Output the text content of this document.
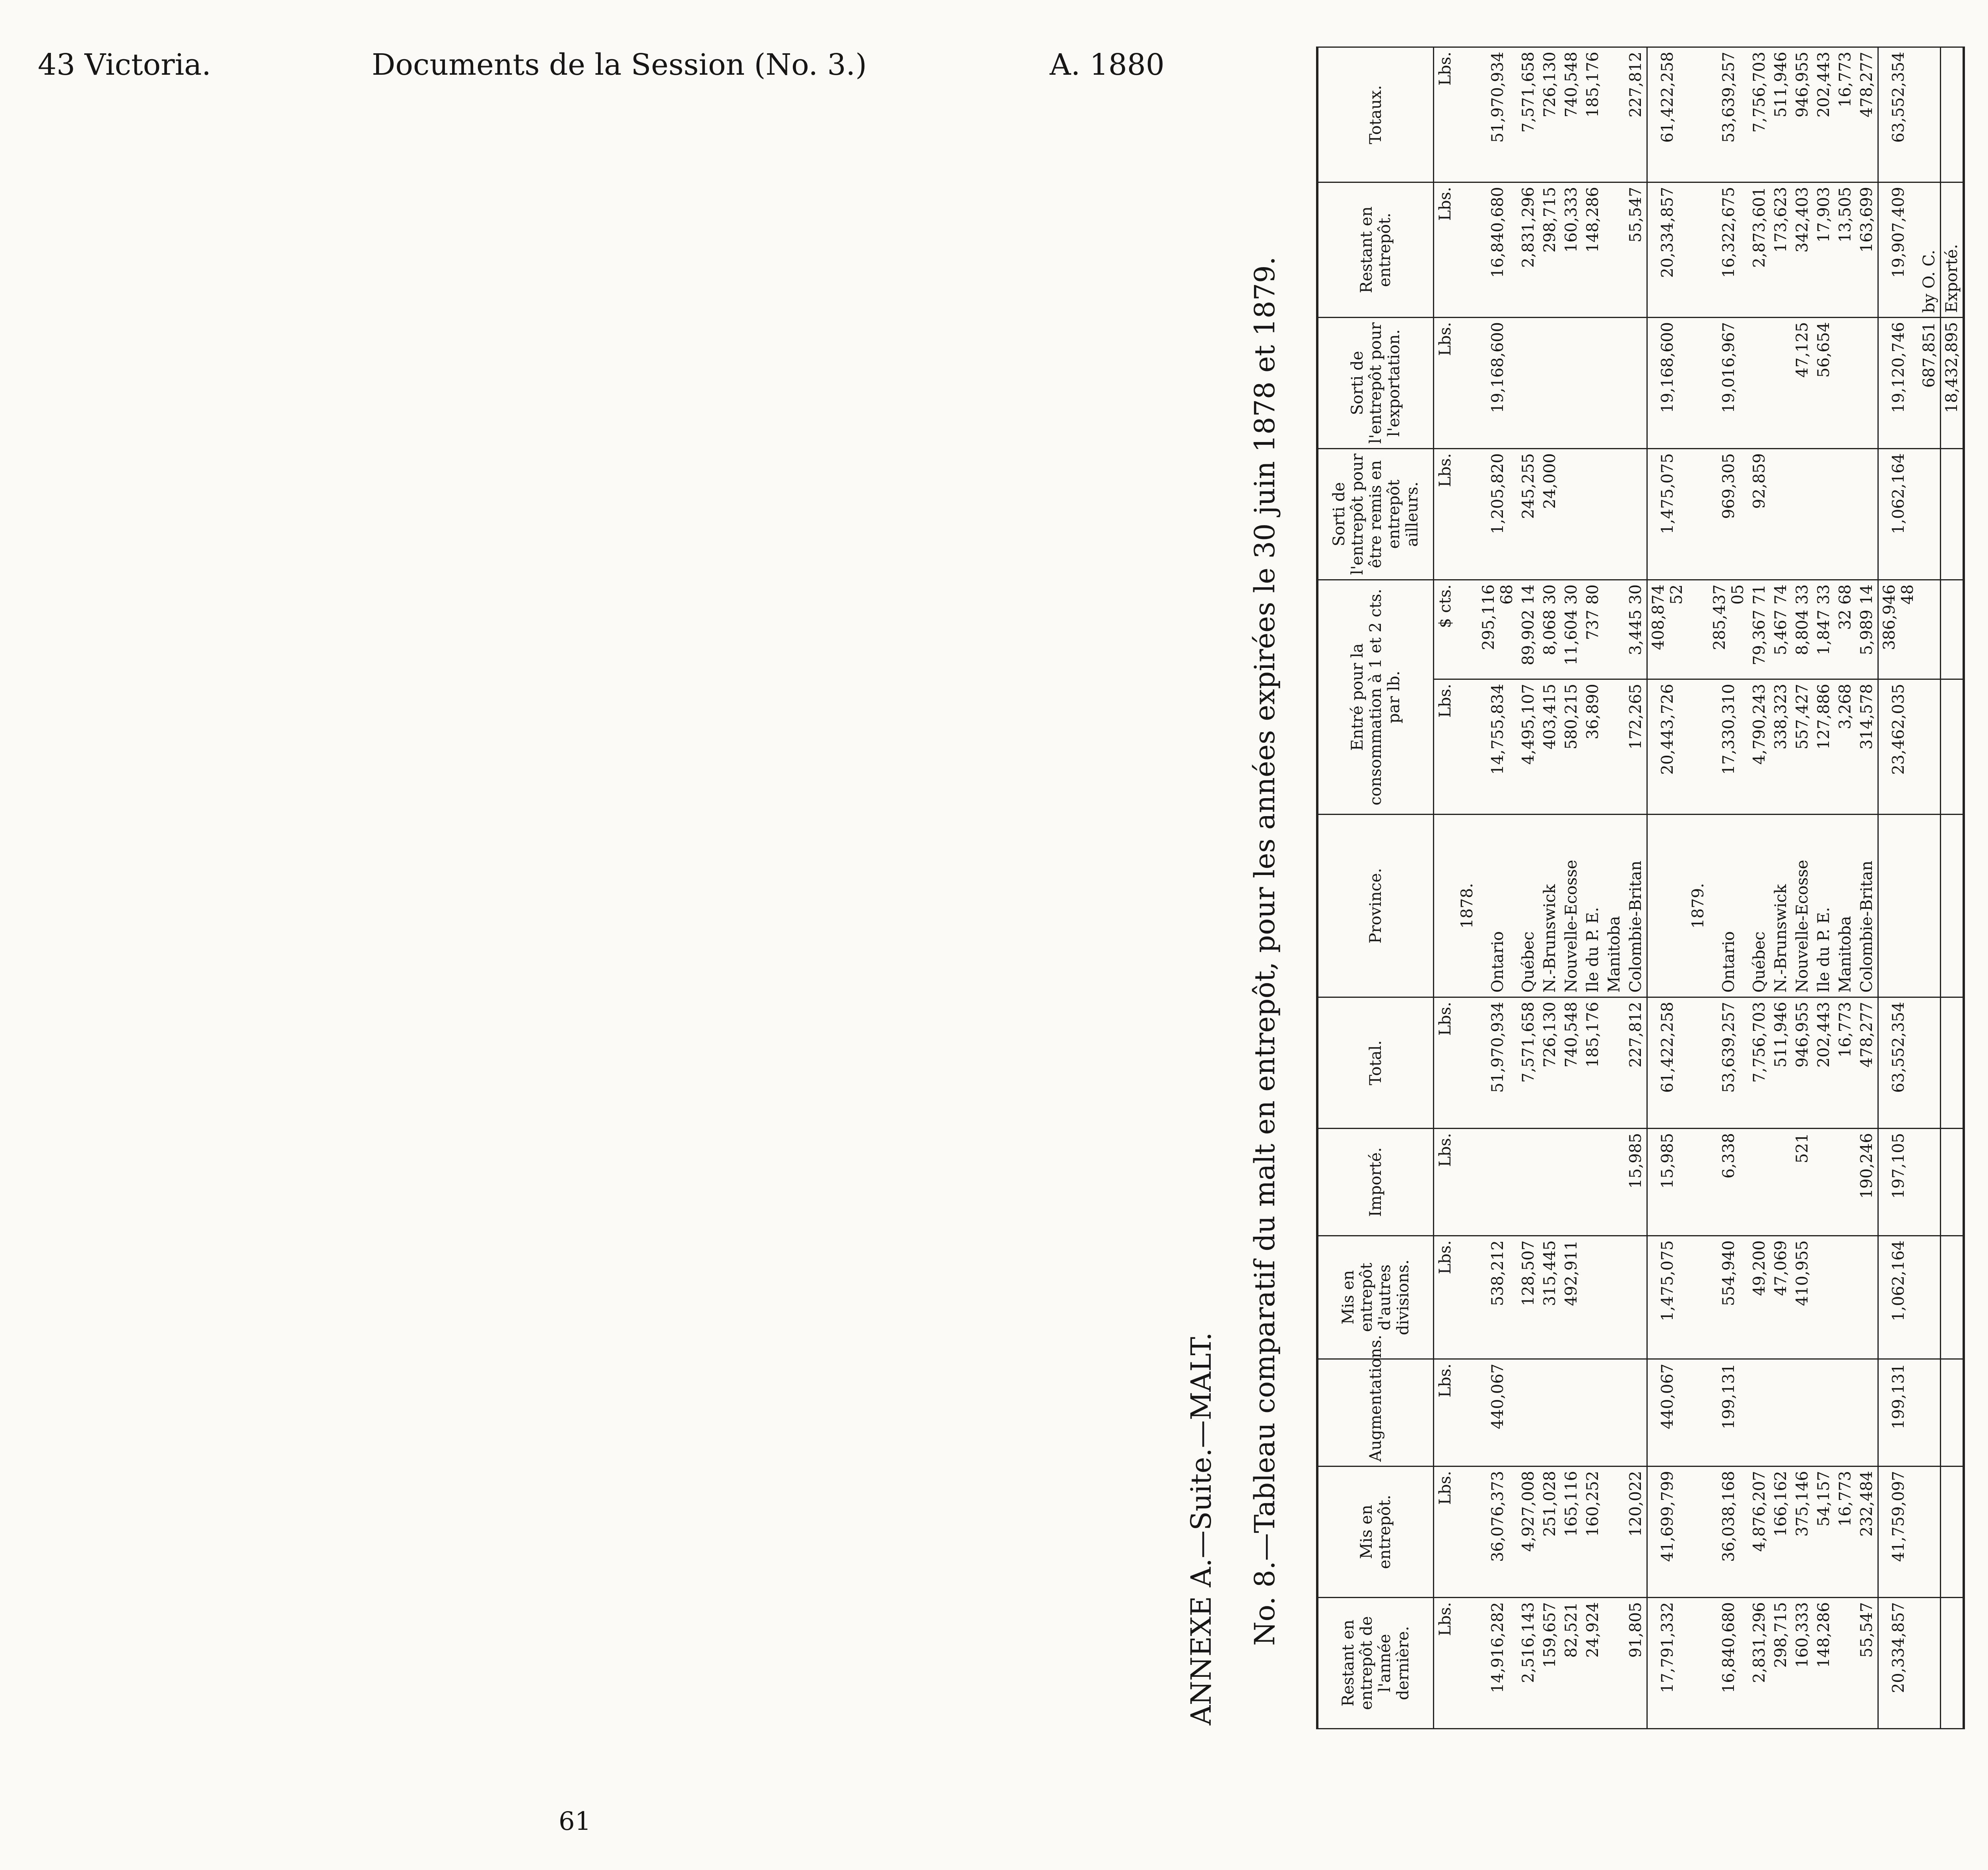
43 Victoria.	Documents de la Session (No. 3.)	A. 1880
ANNEXE A.—Suite.—MALT. No. 8.—Tableau comparatif du malt en entrepôt, pour les années expirées le 30 juin 1878 et 1879.
Restant en entrepôt de l'année dernière.	Mis en entrepôt.	Augmentations.	Mis en entrepôt d'autres divisions.	Importé.	Total.	Province.	Entré pour la consommation à 1 et 2 cts. par lb.		Sorti de l'entrepôt pour être remis en entrepôt ailleurs.	Sorti de l'entrepôt pour l'exportation.	Restant en entrepôt.	Totaux.
Lbs.	Lbs.	Lbs.	Lbs.	Lbs.	Lbs.		Lbs.	$ cts.	Lbs.	Lbs.	Lbs.	Lbs.
						1878.						
14,916,282	36,076,373	440,067	538,212		51,970,934	Ontario	14,755,834	295,116 68	1,205,820	19,168,600	16,840,680	51,970,934
2,516,143	4,927,008		128,507		7,571,658	Québec	4,495,107	89,902 14	245,255		2,831,296	7,571,658
159,657	251,028		315,445		726,130	N.-Brunswick	403,415	8,068 30	24,000		298,715	726,130
82,521	165,116		492,911		740,548	Nouvelle-Ecosse	580,215	11,604 30			160,333	740,548
24,924	160,252				185,176	Ile du P. E.	36,890	737 80			148,286	185,176
						Manitoba						
91,805	120,022			15,985	227,812	Colombie-Britan	172,265	3,445 30			55,547	227,812
17,791,332	41,699,799	440,067	1,475,075	15,985	61,422,258		20,443,726	408,874 52	1,475,075	19,168,600	20,334,857	61,422,258
						1879.						
16,840,680	36,038,168	199,131	554,940	6,338	53,639,257	Ontario	17,330,310	285,437 05	969,305	19,016,967	16,322,675	53,639,257
2,831,296	4,876,207		49,200		7,756,703	Québec	4,790,243	79,367 71	92,859		2,873,601	7,756,703
298,715	166,162		47,069		511,946	N.-Brunswick	338,323	5,467 74			173,623	511,946
160,333	375,146		410,955	521	946,955	Nouvelle-Ecosse	557,427	8,804 33		47,125	342,403	946,955
148,286	54,157				202,443	Ile du P. E.	127,886	1,847 33		56,654	17,903	202,443
	16,773				16,773	Manitoba	3,268	32 68			13,505	16,773
55,547	232,484			190,246	478,277	Colombie-Britan	314,578	5,989 14			163,699	478,277
20,334,857	41,759,097	199,131	1,062,164	197,105	63,552,354		23,462,035	386,946 48	1,062,164	19,120,746	19,907,409	63,552,354
										687,851	by O. C.	
										18,432,895	Exporté.	
61
